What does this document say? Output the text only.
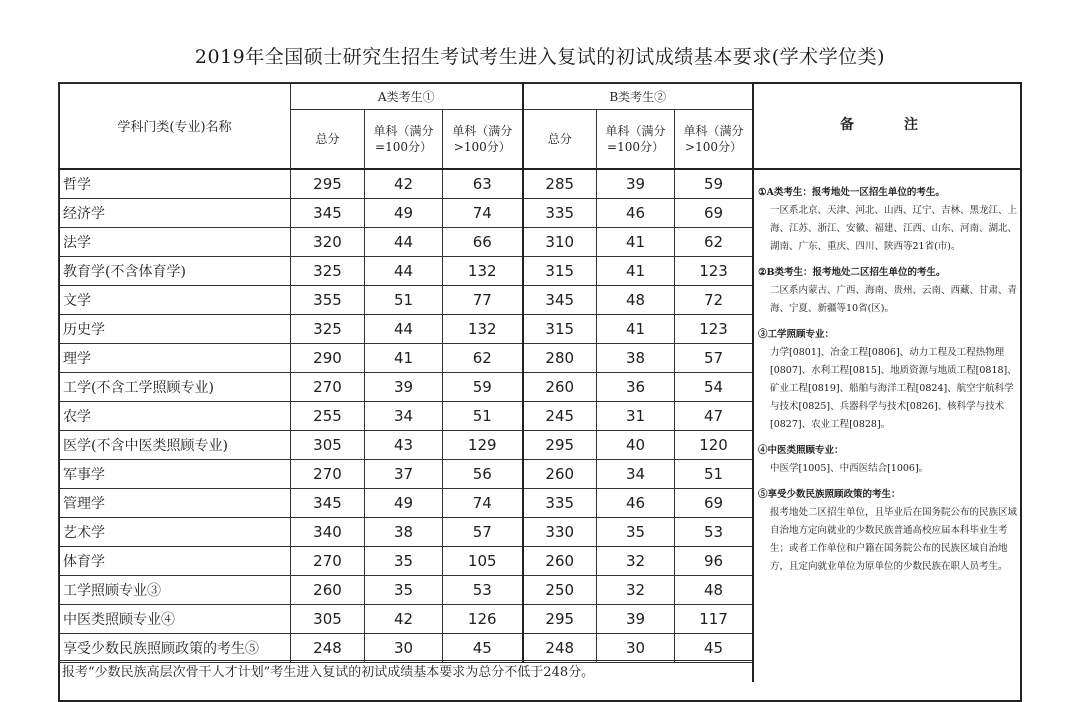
2019年全国硕士研究生招生考试考生进入复试的初试成绩基本要求(学术学位类)
学科门类(专业)名称	A类考生①			B类考生②		
	总分	单科（满分=100分）	单科（满分>100分）	总分	单科（满分=100分）	单科（满分>100分）
哲学	295	42	63	285	39	59
经济学	345	49	74	335	46	69
法学	320	44	66	310	41	62
教育学(不含体育学)	325	44	132	315	41	123
文学	355	51	77	345	48	72
历史学	325	44	132	315	41	123
理学	290	41	62	280	38	57
工学(不含工学照顾专业)	270	39	59	260	36	54
农学	255	34	51	245	31	47
医学(不含中医类照顾专业)	305	43	129	295	40	120
军事学	270	37	56	260	34	51
管理学	345	49	74	335	46	69
艺术学	340	38	57	330	35	53
体育学	270	35	105	260	32	96
工学照顾专业③	260	35	53	250	32	48
中医类照顾专业④	305	42	126	295	39	117
享受少数民族照顾政策的考生⑤	248	30	45	248	30	45
报考“少数民族高层次骨干人才计划”考生进入复试的初试成绩基本要求为总分不低于248分。
备　注
①A类考生：报考地处一区招生单位的考生。
一区系北京、天津、河北、山西、辽宁、吉林、黑龙江、上海、江苏、浙江、安徽、福建、江西、山东、河南、湖北、湖南、广东、重庆、四川、陕西等21省(市)。
②B类考生：报考地处二区招生单位的考生。
二区系内蒙古、广西、海南、贵州、云南、西藏、甘肃、青海、宁夏、新疆等10省(区)。
③工学照顾专业：
力学[0801]、冶金工程[0806]、动力工程及工程热物理[0807]、水利工程[0815]、地质资源与地质工程[0818]、矿业工程[0819]、船舶与海洋工程[0824]、航空宇航科学与技术[0825]、兵器科学与技术[0826]、核科学与技术[0827]、农业工程[0828]。
④中医类照顾专业：
中医学[1005]、中西医结合[1006]。
⑤享受少数民族照顾政策的考生：
报考地处二区招生单位，且毕业后在国务院公布的民族区域自治地方定向就业的少数民族普通高校应届本科毕业生考生；或者工作单位和户籍在国务院公布的民族区域自治地方，且定向就业单位为原单位的少数民族在职人员考生。
